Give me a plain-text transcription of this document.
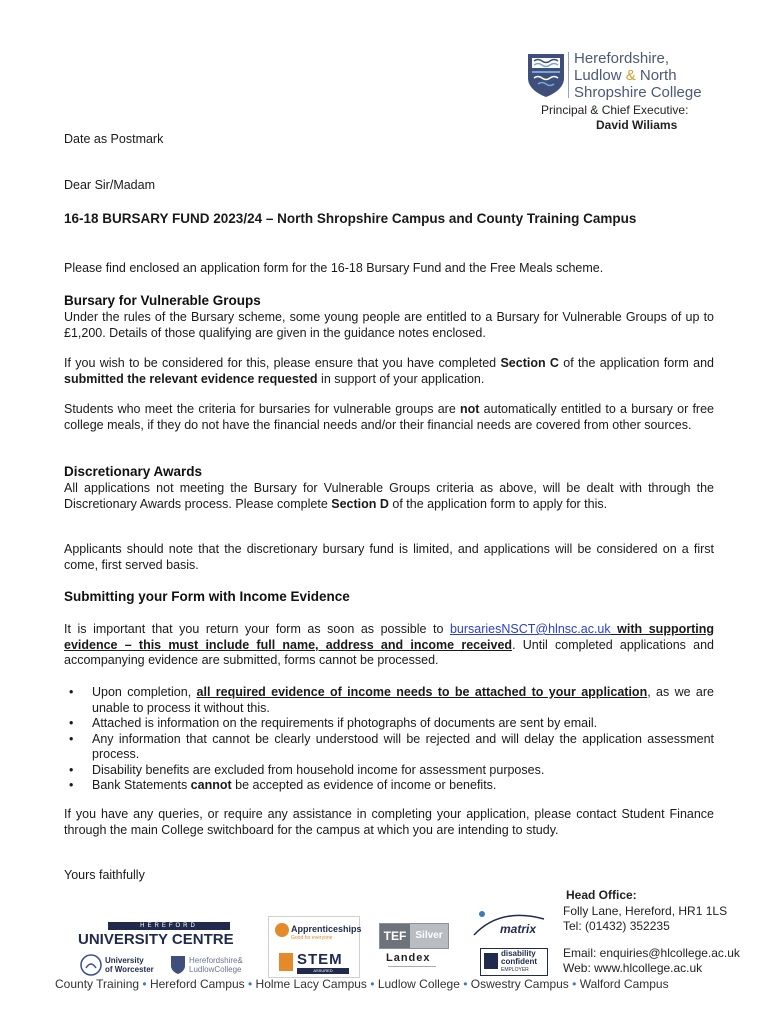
Herefordshire,
Ludlow & North
Shropshire College
Principal & Chief Executive:
David Wiliams
Date as Postmark
Dear Sir/Madam
16-18 BURSARY FUND 2023/24 – North Shropshire Campus and County Training Campus
Please find enclosed an application form for the 16-18 Bursary Fund and the Free Meals scheme.
Bursary for Vulnerable Groups
Under the rules of the Bursary scheme, some young people are entitled to a Bursary for Vulnerable Groups of up to £1,200. Details of those qualifying are given in the guidance notes enclosed.
If you wish to be considered for this, please ensure that you have completed Section C of the application form and submitted the relevant evidence requested in support of your application.
Students who meet the criteria for bursaries for vulnerable groups are not automatically entitled to a bursary or free college meals, if they do not have the financial needs and/or their financial needs are covered from other sources.
Discretionary Awards
All applications not meeting the Bursary for Vulnerable Groups criteria as above, will be dealt with through the Discretionary Awards process. Please complete Section D of the application form to apply for this.
Applicants should note that the discretionary bursary fund is limited, and applications will be considered on a first come, first served basis.
Submitting your Form with Income Evidence
It is important that you return your form as soon as possible to bursariesNSCT@hlnsc.ac.uk with supporting evidence – this must include full name, address and income received. Until completed applications and accompanying evidence are submitted, forms cannot be processed.
• Upon completion, all required evidence of income needs to be attached to your application, as we are unable to process it without this.
• Attached is information on the requirements if photographs of documents are sent by email.
• Any information that cannot be clearly understood will be rejected and will delay the application assessment process.
• Disability benefits are excluded from household income for assessment purposes.
• Bank Statements cannot be accepted as evidence of income or benefits.
If you have any queries, or require any assistance in completing your application, please contact Student Finance through the main College switchboard for the campus at which you are intending to study.
Yours faithfully
HEREFORD
UNIVERSITY CENTRE
University
of Worcester
Herefordshire&
LudlowCollege
Apprenticeships
Good for everyone
STEM
ASSURED
TEF Silver
Landex
matrix
disability
confident
EMPLOYER
Head Office:
Folly Lane, Hereford, HR1 1LS
Tel: (01432) 352235
Email: enquiries@hlcollege.ac.uk
Web: www.hlcollege.ac.uk
County Training • Hereford Campus • Holme Lacy Campus • Ludlow College • Oswestry Campus • Walford Campus
